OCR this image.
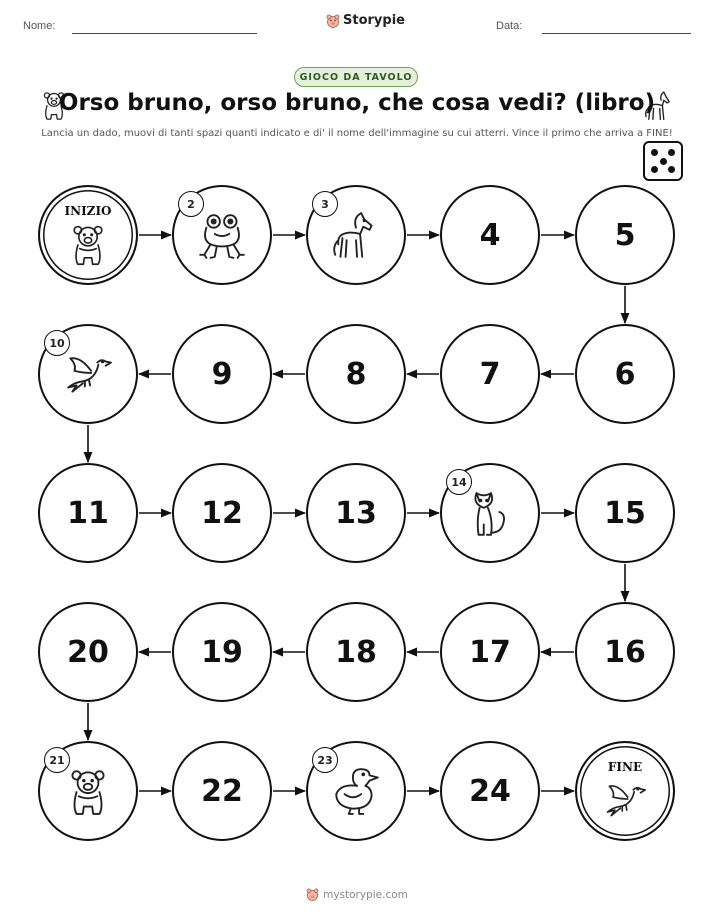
Nome:	Storypie	Data:
GIOCO DA TAVOLO
Orso bruno, orso bruno, che cosa vedi? (libro)
Lancia un dado, muovi di tanti spazi quanti indicato e di' il nome dell'immagine su cui atterri. Vince il primo che arriva a FINE!
INIZIO	2	3
4	5
6
7
8
9
10
11	12	13
14
15
16
17
18
19
20
21
22
23
24
FINE
mystorypie.com
